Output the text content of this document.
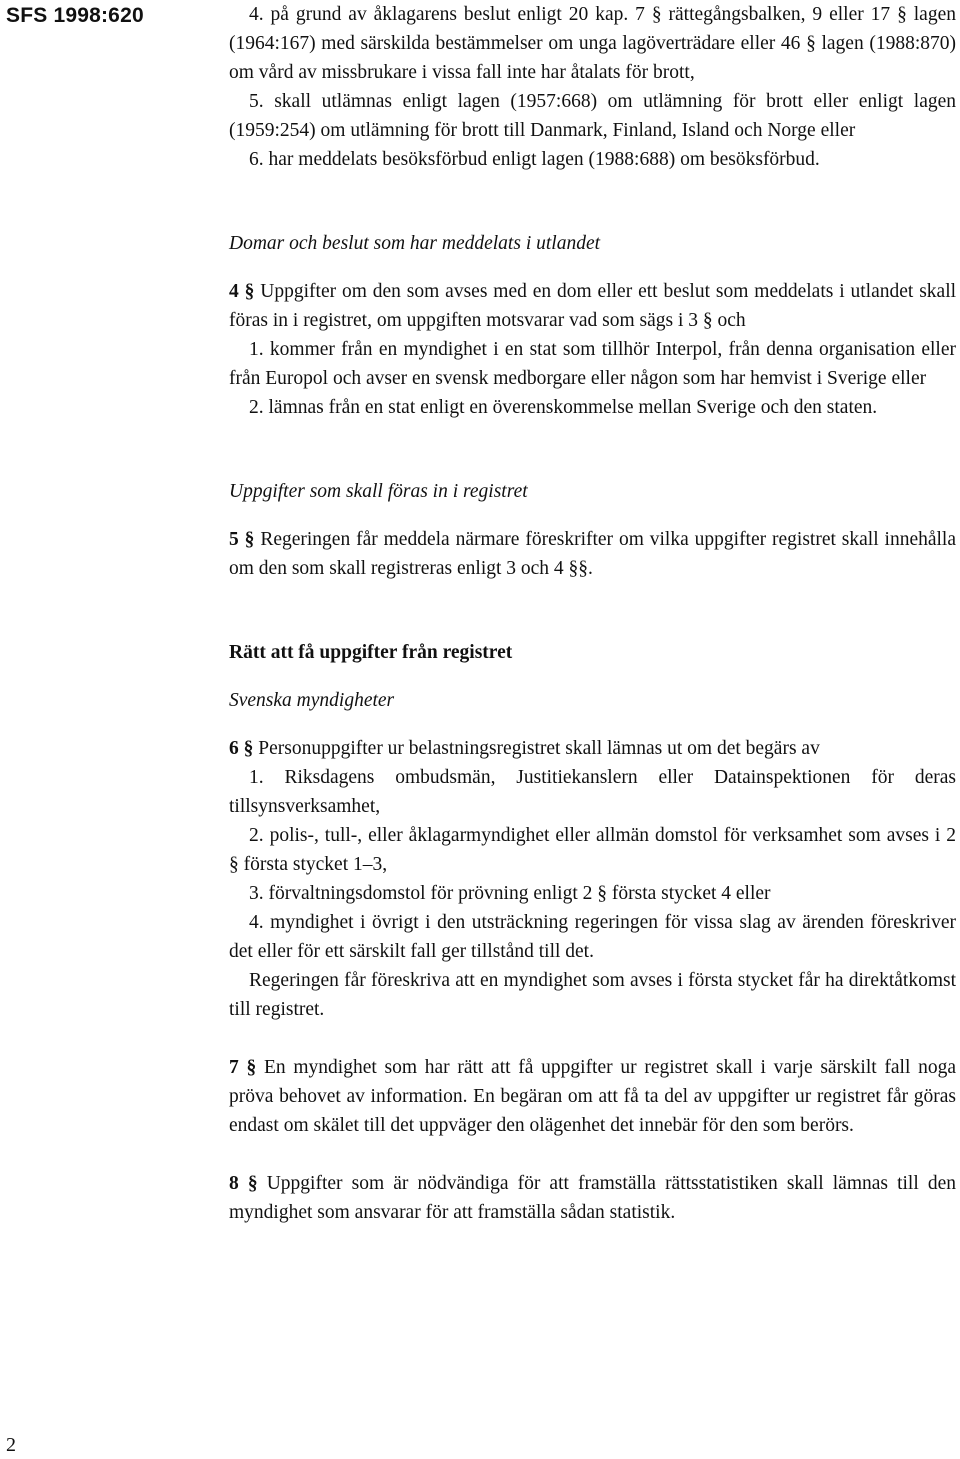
SFS 1998:620	4. på grund av åklagarens beslut enligt 20 kap. 7 § rättegångsbalken, 9 eller 17 § lagen (1964:167) med särskilda bestämmelser om unga lagöverträdare eller 46 § lagen (1988:870) om vård av missbrukare i vissa fall inte har åtalats för brott,

5. skall utlämnas enligt lagen (1957:668) om utlämning för brott eller enligt lagen (1959:254) om utlämning för brott till Danmark, Finland, Island och Norge eller

6. har meddelats besöksförbud enligt lagen (1988:688) om besöksförbud.

Domar och beslut som har meddelats i utlandet

4 § Uppgifter om den som avses med en dom eller ett beslut som meddelats i utlandet skall föras in i registret, om uppgiften motsvarar vad som sägs i 3 § och

1. kommer från en myndighet i en stat som tillhör Interpol, från denna organisation eller från Europol och avser en svensk medborgare eller någon som har hemvist i Sverige eller

2. lämnas från en stat enligt en överenskommelse mellan Sverige och den staten.

Uppgifter som skall föras in i registret

5 § Regeringen får meddela närmare föreskrifter om vilka uppgifter registret skall innehålla om den som skall registreras enligt 3 och 4 §§.

Rätt att få uppgifter från registret

Svenska myndigheter

6 § Personuppgifter ur belastningsregistret skall lämnas ut om det begärs av

1. Riksdagens ombudsmän, Justitiekanslern eller Datainspektionen för deras tillsynsverksamhet,

2. polis-, tull-, eller åklagarmyndighet eller allmän domstol för verksamhet som avses i 2 § första stycket 1–3,

3. förvaltningsdomstol för prövning enligt 2 § första stycket 4 eller

4. myndighet i övrigt i den utsträckning regeringen för vissa slag av ärenden föreskriver det eller för ett särskilt fall ger tillstånd till det.

Regeringen får föreskriva att en myndighet som avses i första stycket får ha direktåtkomst till registret.

7 § En myndighet som har rätt att få uppgifter ur registret skall i varje särskilt fall noga pröva behovet av information. En begäran om att få ta del av uppgifter ur registret får göras endast om skälet till det uppväger den olägenhet det innebär för den som berörs.

8 § Uppgifter som är nödvändiga för att framställa rättsstatistiken skall lämnas till den myndighet som ansvarar för att framställa sådan statistik.

2
